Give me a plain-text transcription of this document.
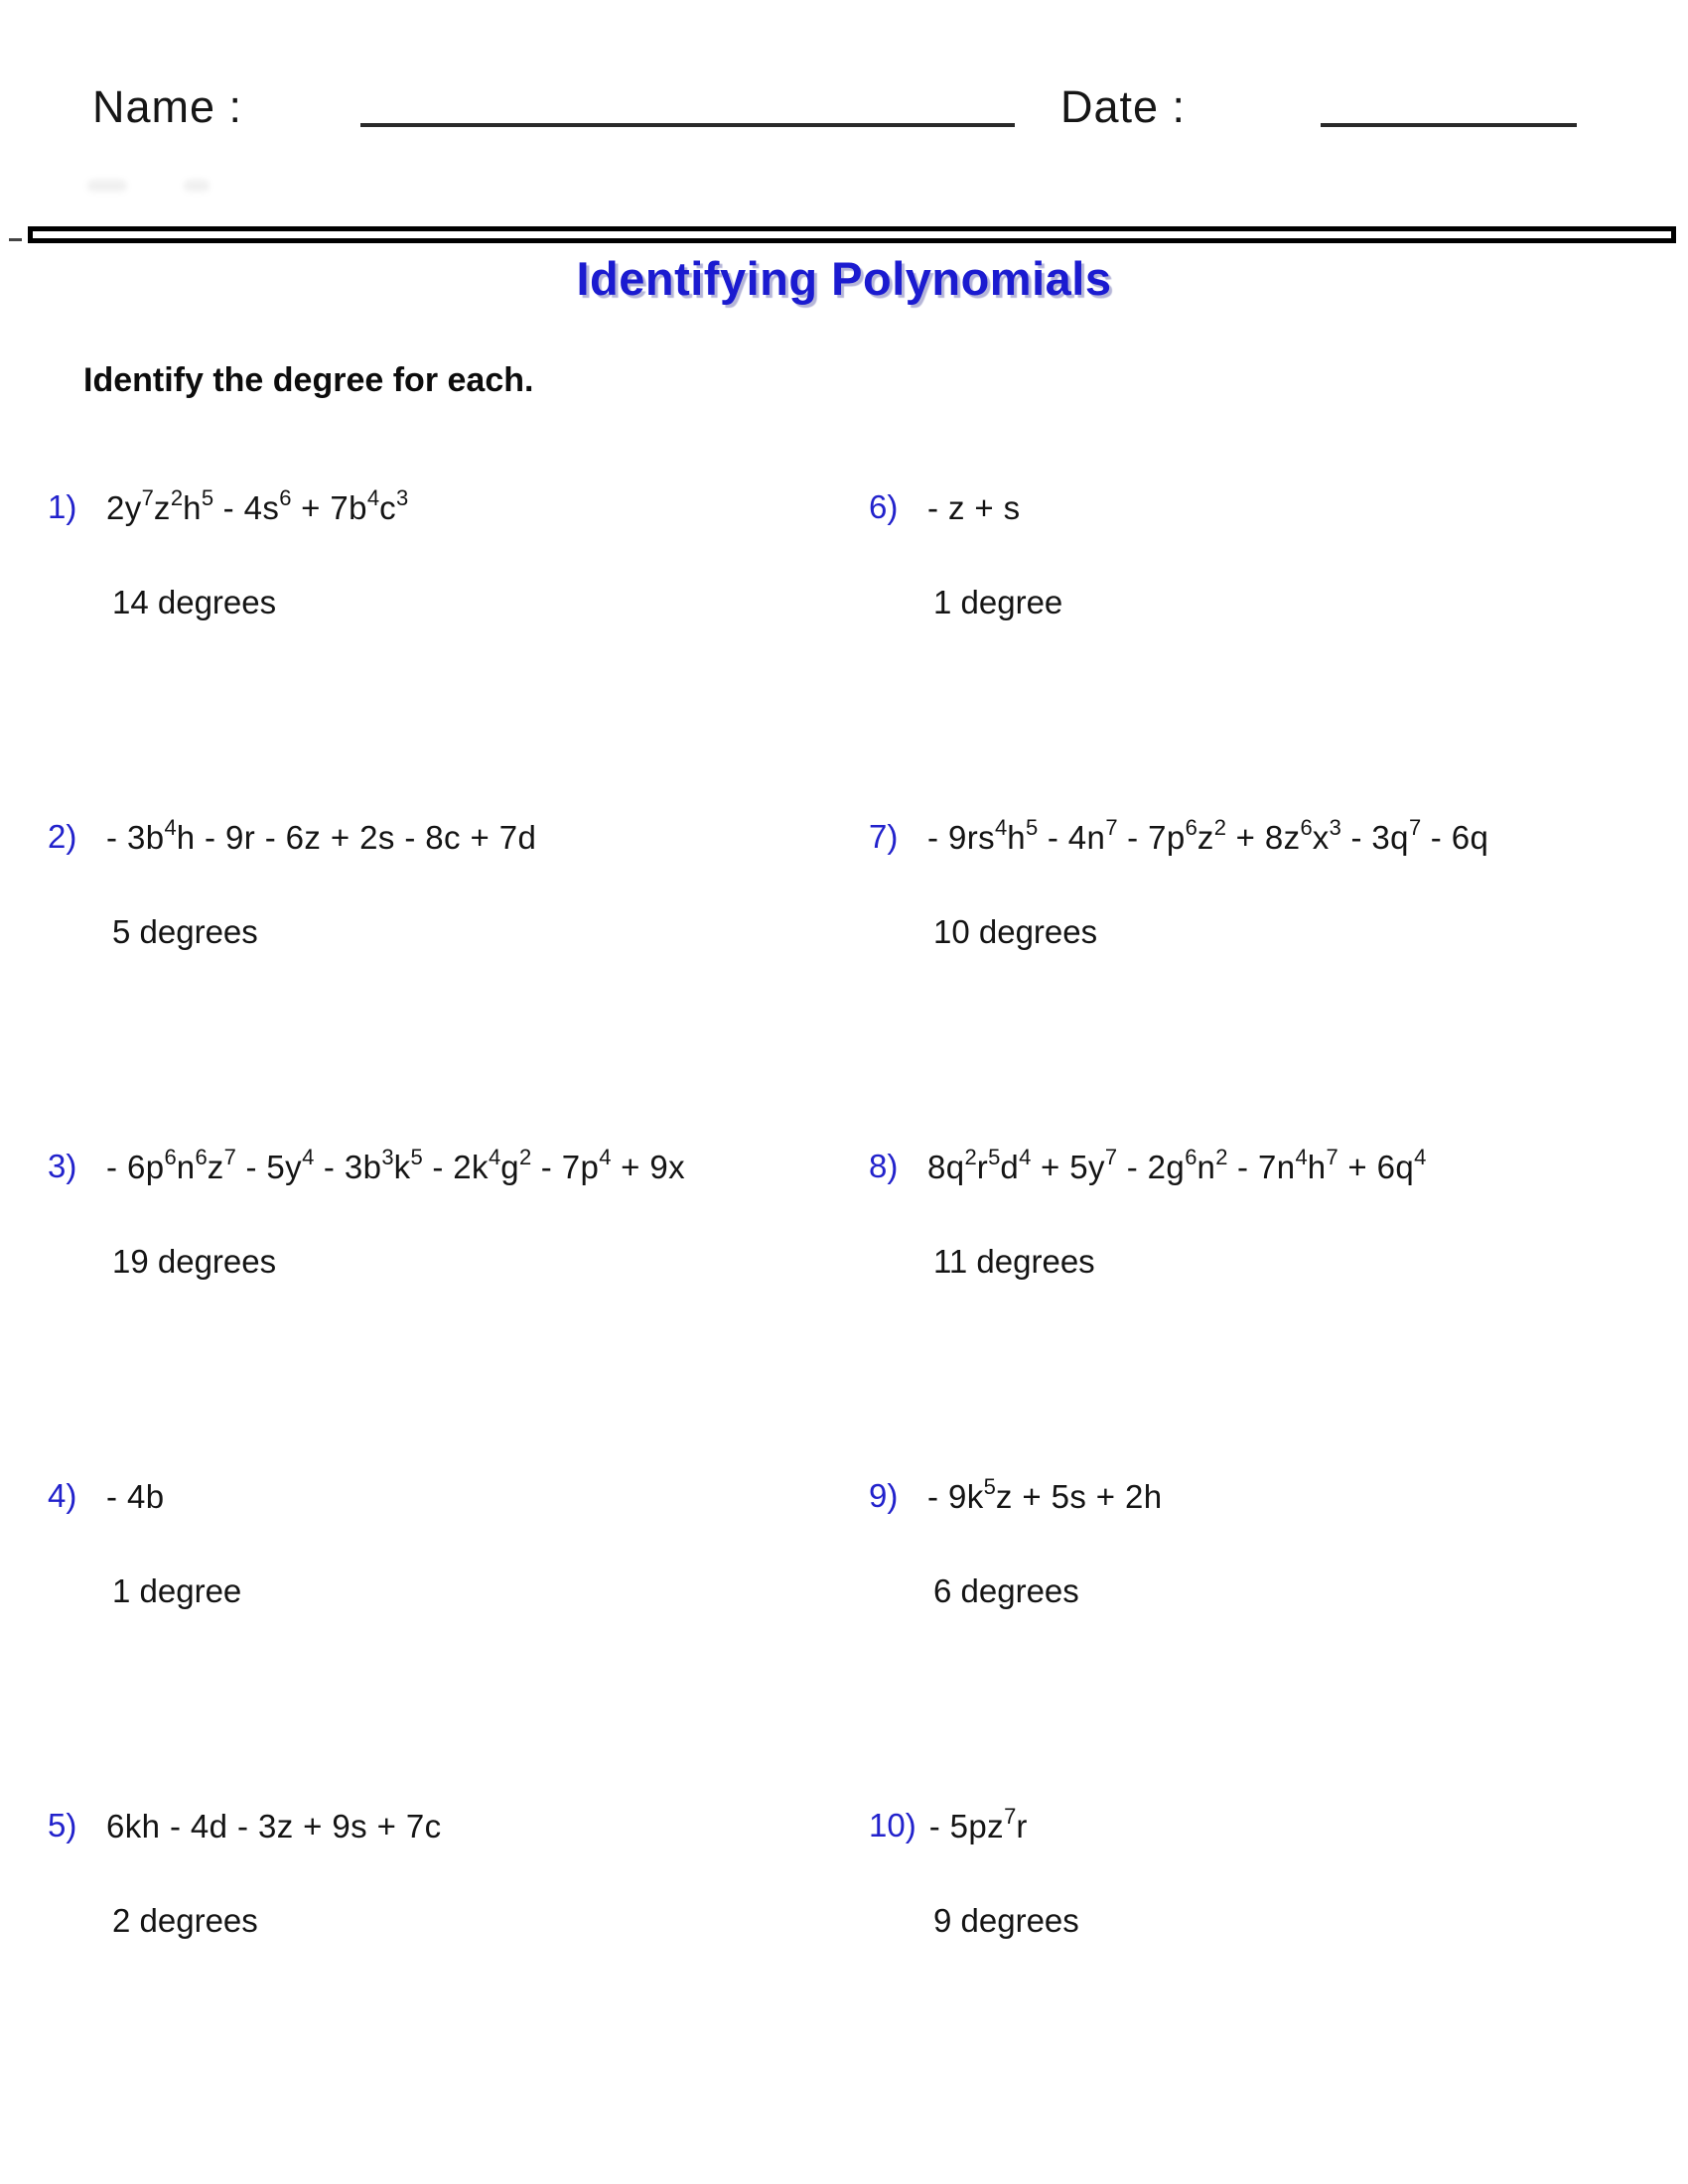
Name :	Date :
Identifying Polynomials
Identify the degree for each.
1) $2y^7z^2h^5 - 4s^6 + 7b^4c^3$
14 degrees
$2) - 3b^4h - 9r - 6z + 2s - 8c + 7d$
5 degrees
$3) - 6p^6n^6z^7 - 5y^4 - 3b^3k^5 - 2k^4g^2 - 7p^4 + 9x$
19 degrees
4) - 4b
1 degree
5) 6kh - 4d - 3z + 9s + 7c
2 degrees
6) - z + s
1 degree
$7) - 9rs^4h^5 - 4n^7 - 7p^6z^2 + 8z^6x^3 - 3q^7 - 6q$
10 degrees
8) $8q^2r^5d^4 + 5y^7 - 2g^6n^2 - 7n^4h^7 + 6q^4$
11 degrees
$9) - 9k^5z + 5s + 2h$
6 degrees
$10) - 5pz^7r$
9 degrees
